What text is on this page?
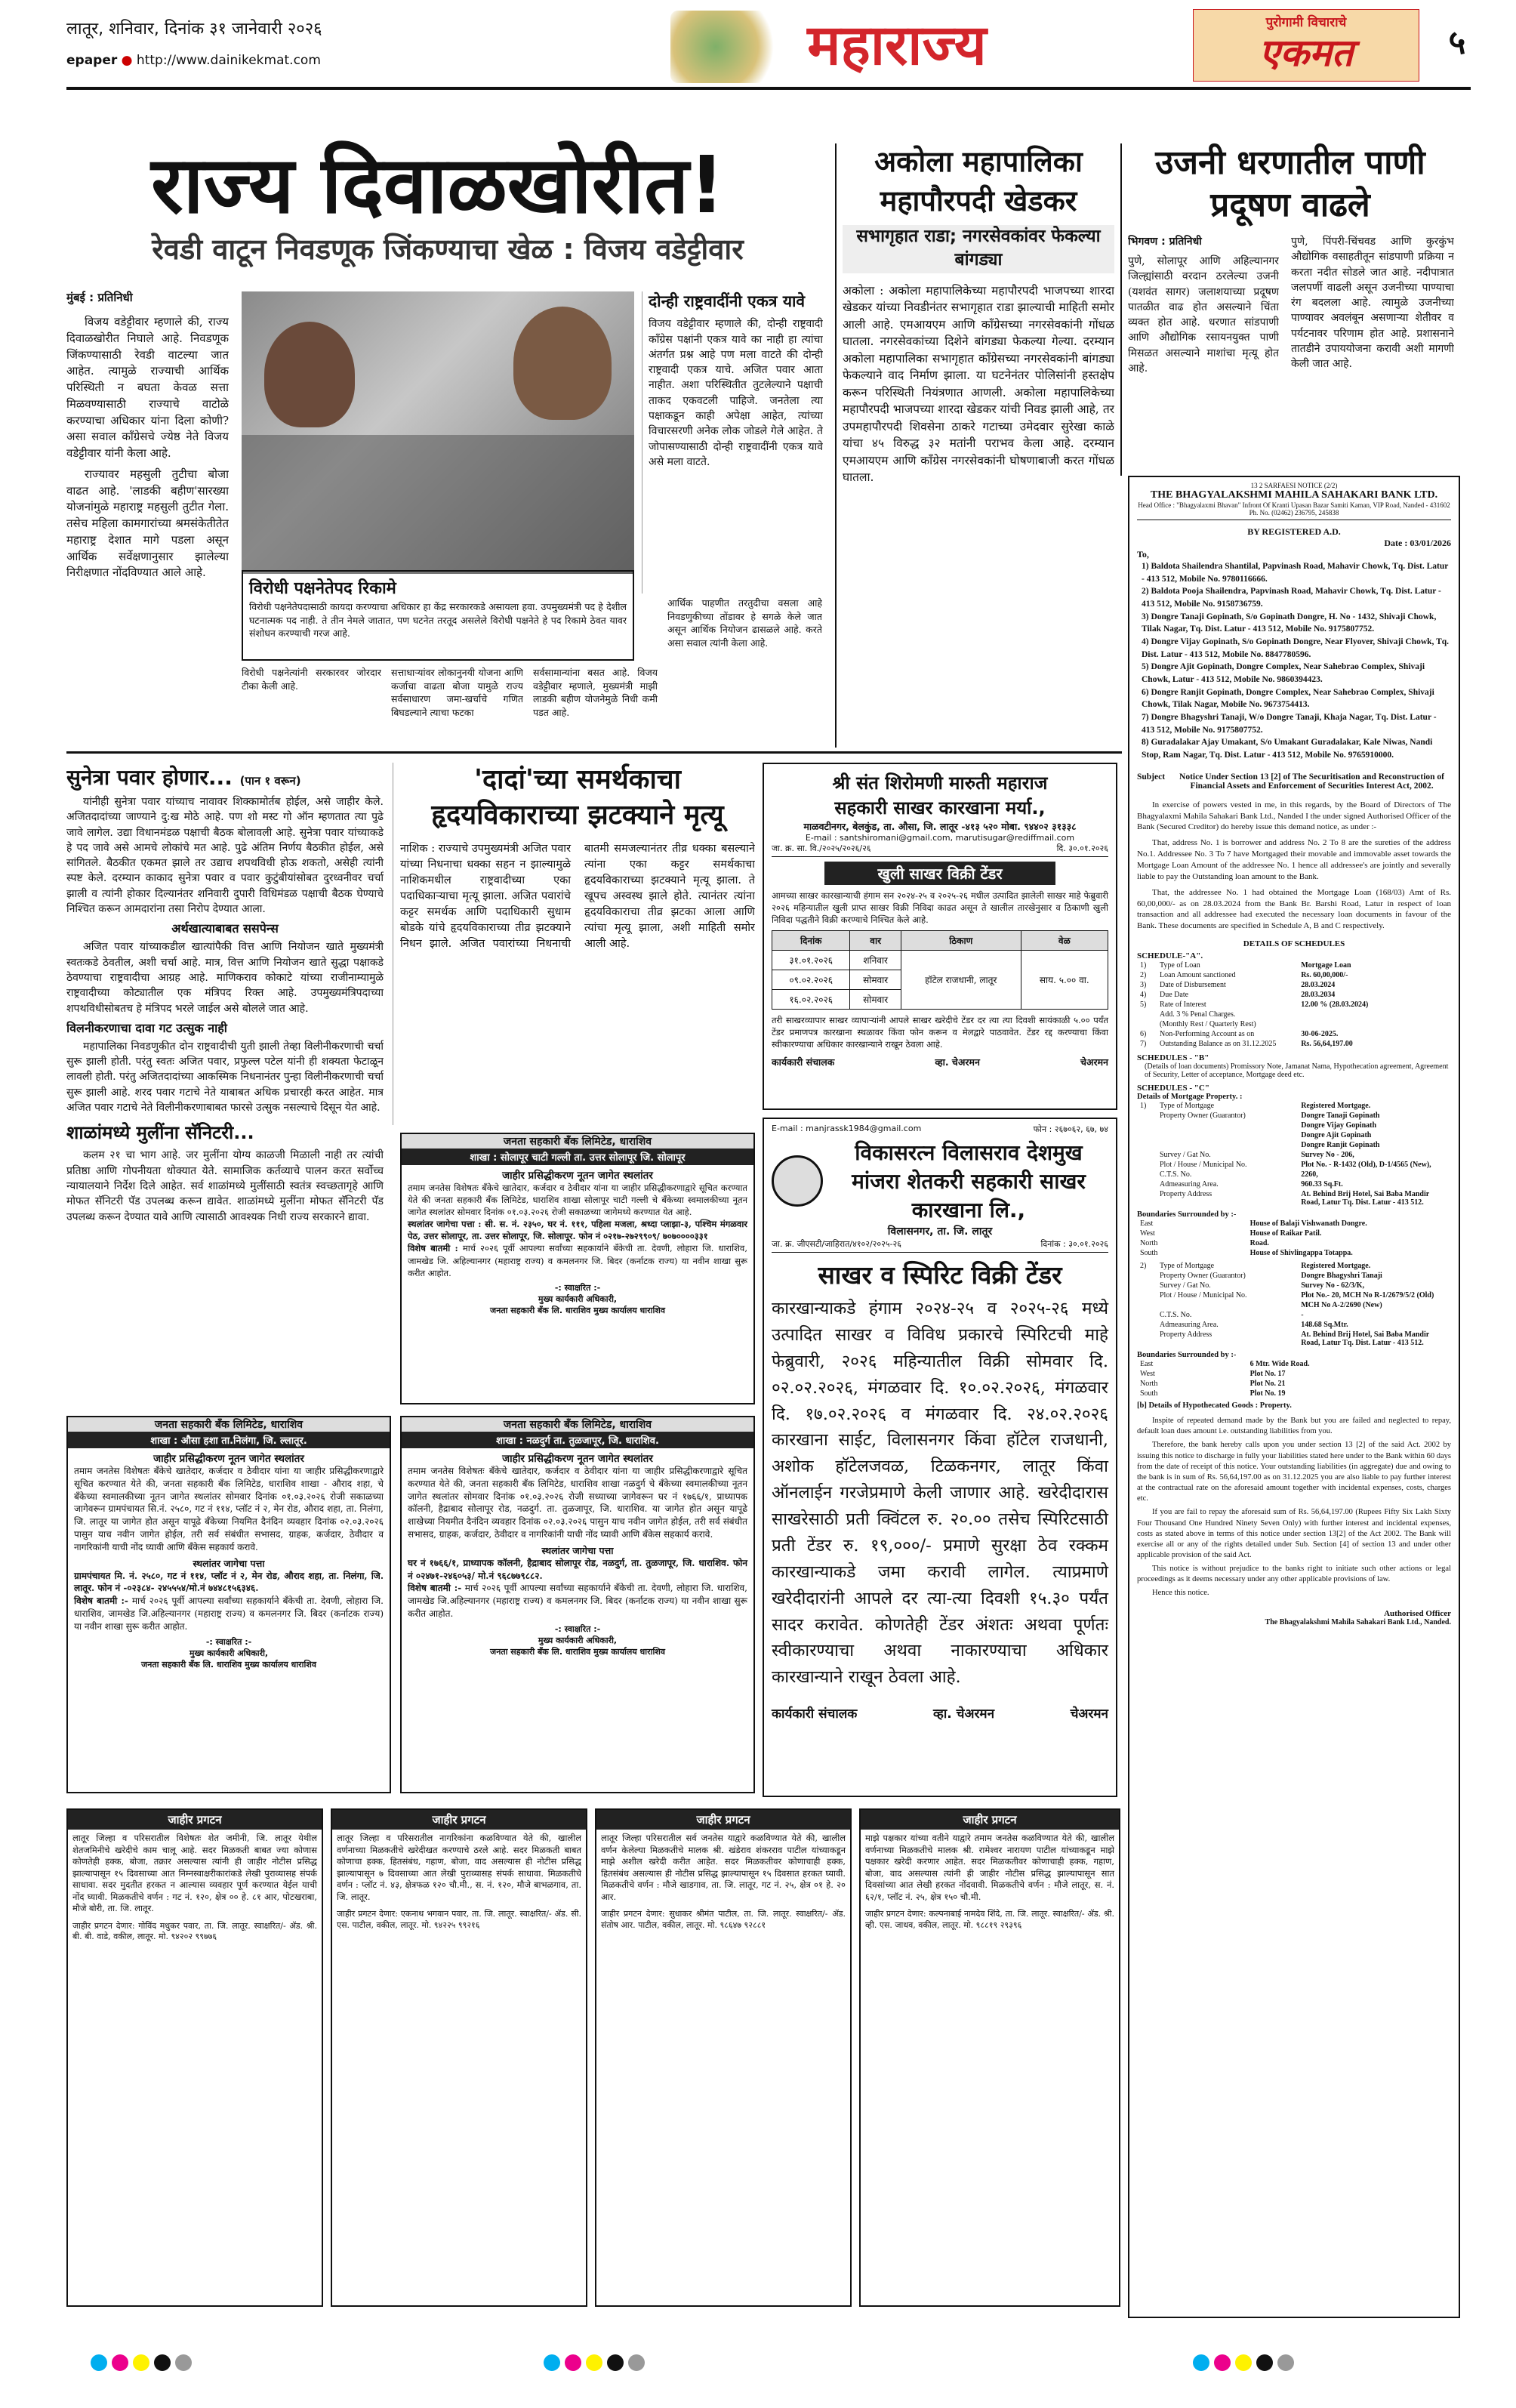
लातूर, शनिवार, दिनांक ३१ जानेवारी २०२६
epaper ● http://www.dainikekmat.com	महाराज्य	पुरोगामी विचाराचे
एकमत	५
राज्य दिवाळखोरीत!
रेवडी वाटून निवडणूक जिंकण्याचा खेळ : विजय वडेट्टीवार
मुंबई : प्रतिनिधी

विजय वडेट्टीवार म्हणाले की, राज्य दिवाळखोरीत निघाले आहे. निवडणूक जिंकण्यासाठी रेवडी वाटल्या जात आहेत. त्यामुळे राज्याची आर्थिक परिस्थिती न बघता केवळ सत्ता मिळवण्यासाठी राज्याचे वाटोळे करण्याचा अधिकार यांना दिला कोणी? असा सवाल काँग्रेसचे ज्येष्ठ नेते विजय वडेट्टीवार यांनी केला आहे.

राज्यावर महसुली तुटीचा बोजा वाढत आहे. 'लाडकी बहीण'सारख्या योजनांमुळे महाराष्ट्र महसुली तुटीत गेला. तसेच महिला कामगारांच्या श्रमसंकेतीतेत महाराष्ट्र देशात मागे पडला असून आर्थिक सर्वेक्षणानुसार झालेल्या निरीक्षणात नोंदविण्यात आले आहे.

विरोधी पक्षनेतेपद रिकामे
विरोधी पक्षनेतेपदासाठी कायदा करण्याचा अधिकार हा केंद्र सरकारकडे असायला हवा. उपमुख्यमंत्री पद हे देशील घटनात्मक पद नाही. ते तीन नेमले जातात, पण घटनेत तरतूद असलेले विरोधी पक्षनेते हे पद रिकामे ठेवत यावर संशोधन करण्याची गरज आहे.
दोन्ही राष्ट्रवादींनी एकत्र यावे
विजय वडेट्टीवार म्हणाले की, दोन्ही राष्ट्रवादी काँग्रेस पक्षांनी एकत्र यावे का नाही हा त्यांचा अंतर्गत प्रश्न आहे पण मला वाटते की दोन्ही राष्ट्रवादी एकत्र याचे. अजित पवार आता नाहीत. अशा परिस्थितीत तुटलेल्याने पक्षाची ताकद एकवटली पाहिजे. जनतेला त्या पक्षाकडून काही अपेक्षा आहेत, त्यांच्या विचारसरणी अनेक लोक जोडले गेले आहेत. ते जोपासण्यासाठी दोन्ही राष्ट्रवादींनी एकत्र यावे असे मला वाटते.
विरोधी पक्षनेत्यांनी सरकारवर जोरदार टीका केली आहे.
सत्ताधाऱ्यांवर लोकानुनयी योजना आणि कर्जाचा वाढता बोजा यामुळे राज्य सर्वसाधारण जमा-खर्चाचे गणित बिघडल्याने त्याचा फटका
सर्वसामान्यांना बसत आहे. विजय वडेट्टीवार म्हणाले, मुख्यमंत्री माझी लाडकी बहीण योजनेमुळे निधी कमी पडत आहे.
आर्थिक पाहणीत तरतुदीचा वसला आहे निवडणुकीच्या तोंडावर हे सगळे केले जात असून आर्थिक नियोजन ढासळले आहे. करते असा सवाल त्यांनी केला आहे.
अकोला महापालिका महापौरपदी खेडकर
सभागृहात राडा; नगरसेवकांवर फेकल्या बांगड्या
अकोला : अकोला महापालिकेच्या महापौरपदी भाजपच्या शारदा खेडकर यांच्या निवडीनंतर सभागृहात राडा झाल्याची माहिती समोर आली आहे. एमआयएम आणि काँग्रेसच्या नगरसेवकांनी गोंधळ घातला. नगरसेवकांच्या दिशेने बांगड्या फेकल्या गेल्या. दरम्यान अकोला महापालिका सभागृहात काँग्रेसच्या नगरसेवकांनी बांगड्या फेकल्याने वाद निर्माण झाला. या घटनेनंतर पोलिसांनी हस्तक्षेप करून परिस्थिती नियंत्रणात आणली. अकोला महापालिकेच्या महापौरपदी भाजपच्या शारदा खेडकर यांची निवड झाली आहे, तर उपमहापौरपदी शिवसेना ठाकरे गटाच्या उमेदवार सुरेखा काळे यांचा ४५ विरुद्ध ३२ मतांनी पराभव केला आहे. दरम्यान एमआयएम आणि काँग्रेस नगरसेवकांनी घोषणाबाजी करत गोंधळ घातला.
उजनी धरणातील पाणी प्रदूषण वाढले
भिगवण : प्रतिनिधी
पुणे, सोलापूर आणि अहिल्यानगर जिल्ह्यांसाठी वरदान ठरलेल्या उजनी (यशवंत सागर) जलाशयाच्या प्रदूषण पातळीत वाढ होत असल्याने चिंता व्यक्त होत आहे. धरणात सांडपाणी आणि औद्योगिक रसायनयुक्त पाणी मिसळत असल्याने माशांचा मृत्यू होत आहे.
पुणे, पिंपरी-चिंचवड आणि कुरकुंभ औद्योगिक वसाहतीतून सांडपाणी प्रक्रिया न करता नदीत सोडले जात आहे. नदीपात्रात जलपर्णी वाढली असून उजनीच्या पाण्याचा रंग बदलला आहे. त्यामुळे उजनीच्या पाण्यावर अवलंबून असणाऱ्या शेतीवर व पर्यटनावर परिणाम होत आहे. प्रशासनाने तातडीने उपाययोजना करावी अशी मागणी केली जात आहे.
13 2 SARFAESI NOTICE (2/2)
THE BHAGYALAKSHMI MAHILA SAHAKARI BANK LTD.
Head Office : "Bhagyalaxmi Bhavan" Infront Of Kranti Upasan Bazar Samiti Kaman, VIP Road, Nanded - 431602 Ph. No. (02462) 236795, 245838
BY REGISTERED A.D.
Date : 03/01/2026
To,
1) Baldota Shailendra Shantilal, Papvinash Road, Mahavir Chowk, Tq. Dist. Latur - 413 512, Mobile No. 9780116666.
2) Baldota Pooja Shailendra, Papvinash Road, Mahavir Chowk, Tq. Dist. Latur - 413 512, Mobile No. 9158736759.
3) Dongre Tanaji Gopinath, S/o Gopinath Dongre, H. No - 1432, Shivaji Chowk, Tilak Nagar, Tq. Dist. Latur - 413 512, Mobile No. 9175807752.
4) Dongre Vijay Gopinath, S/o Gopinath Dongre, Near Flyover, Shivaji Chowk, Tq. Dist. Latur - 413 512, Mobile No. 8847780596.
5) Dongre Ajit Gopinath, Dongre Complex, Near Sahebrao Complex, Shivaji Chowk, Latur - 413 512, Mobile No. 9860394423.
6) Dongre Ranjit Gopinath, Dongre Complex, Near Sahebrao Complex, Shivaji Chowk, Tilak Nagar, Mobile No. 9673754413.
7) Dongre Bhagyshri Tanaji, W/o Dongre Tanaji, Khaja Nagar, Tq. Dist. Latur - 413 512, Mobile No. 9175807752.
8) Guradalakar Ajay Umakant, S/o Umakant Guradalakar, Kale Niwas, Nandi Stop, Ram Nagar, Tq. Dist. Latur - 413 512, Mobile No. 9765910000.
Subject	Notice Under Section 13 [2] of The Securitisation and Reconstruction of Financial Assets and Enforcement of Securities Interest Act, 2002.

In exercise of powers vested in me, in this regards, by the Board of Directors of The Bhagyalaxmi Mahila Sahakari Bank Ltd., Nanded I the under signed Authorised Officer of the Bank (Secured Creditor) do hereby issue this demand notice, as under :-

That, address No. 1 is borrower and address No. 2 To 8 are the sureties of the address No.1. Addressee No. 3 To 7 have Mortgaged their movable and immovable asset towards the Mortgage Loan Amount of the addressee No. 1 hence all addressee's are jointly and severally liable to pay the Outstanding loan amount to the Bank.

That, the addressee No. 1 had obtained the Mortgage Loan (168/03) Amt of Rs. 60,00,000/- as on 28.03.2024 from the Bank Br. Barshi Road, Latur in respect of loan transaction and all addressee had executed the necessary loan documents in favour of the Bank. These documents are specified in Schedule A, B and C respectively.

DETAILS OF SCHEDULES
SCHEDULE-"A".
1)	Type of Loan	Mortgage Loan
2)	Loan Amount sanctioned	Rs. 60,00,000/-
3)	Date of Disbursement	28.03.2024
4)	Due Date	28.03.2034
5)	Rate of Interest	12.00 % (28.03.2024)
	Add. 3 % Penal Charges.	
	(Monthly Rest / Quarterly Rest)	
6)	Non-Performing Account as on	30-06-2025.
7)	Outstanding Balance as on 31.12.2025	Rs. 56,64,197.00
SCHEDULES - "B"
(Details of loan documents) Promissory Note, Jamanat Nama, Hypothecation agreement, Agreement of Security, Letter of acceptance, Mortgage deed etc.
SCHEDULES - "C"
Details of Mortgage Property. :
1)	Type of Mortgage	Registered Mortgage.
	Property Owner (Guarantor)	Dongre Tanaji Gopinath
		Dongre Vijay Gopinath
		Dongre Ajit Gopinath
		Dongre Ranjit Gopinath
	Survey / Gat No.	Survey No - 206,
	Plot / House / Municipal No.	Plot No. - R-1432 (Old), D-1/4565 (New),
	C.T.S. No.	2260,
	Admeasuring Area.	960.33 Sq.Ft.
	Property Address	At. Behind Brij Hotel, Sai Baba Mandir Road, Latur Tq. Dist. Latur - 413 512.
Boundaries Surrounded by :-
East	House of Balaji Vishwanath Dongre.
West	House of Raikar Patil.
North	Road.
South	House of Shivlingappa Totappa.
2)	Type of Mortgage	Registered Mortgage.
	Property Owner (Guarantor)	Dongre Bhagyshri Tanaji
	Survey / Gat No.	Survey No - 62/3/K,
	Plot / House / Municipal No.	Plot No.- 20, MCH No R-1/2679/5/2 (Old)
		MCH No A-2/2690 (New)
	C.T.S. No.	-
	Admeasuring Area.	148.68 Sq.Mtr.
	Property Address	At. Behind Brij Hotel, Sai Baba Mandir Road, Latur Tq. Dist. Latur - 413 512.
Boundaries Surrounded by :-
East	6 Mtr. Wide Road.
West	Plot No. 17
North	Plot No. 21
South	Plot No. 19
[b] Details of Hypothecated Goods : Property.

Inspite of repeated demand made by the Bank but you are failed and neglected to repay, default loan dues amount i.e. outstanding liabilities from you.

Therefore, the bank hereby calls upon you under section 13 [2] of the said Act. 2002 by issuing this notice to discharge in fully your liabilities stated here under to the Bank within 60 days from the date of receipt of this notice. Your outstanding liabilities (in aggregate) due and owing to the bank is in sum of Rs. 56,64,197.00 as on 31.12.2025 you are also liable to pay further interest at the contractual rate on the aforesaid amount together with incidental expenses, costs, charges etc.

If you are fail to repay the aforesaid sum of Rs. 56,64,197.00 (Rupees Fifty Six Lakh Sixty Four Thousand One Hundred Ninety Seven Only) with further interest and incidental expenses, costs as stated above in terms of this notice under section 13[2] of the Act 2002. The Bank will exercise all or any of the rights detailed under Sub. Section [4] of section 13 and under other applicable provision of the said Act.

This notice is without prejudice to the banks right to initiate such other actions or legal proceedings as it deems necessary under any other applicable provisions of law.

Hence this notice.
Authorised Officer
The Bhagyalakshmi Mahila Sahakari Bank Ltd., Nanded.
सुनेत्रा पवार होणार... (पान १ वरून)
यांनीही सुनेत्रा पवार यांच्याच नावावर शिक्कामोर्तब होईल, असे जाहीर केले. अजितदादांच्या जाण्याने दु:ख मोठे आहे. पण शो मस्ट गो ऑन म्हणतात त्या पुढे जावे लागेल. उद्या विधानमंडळ पक्षाची बैठक बोलावली आहे. सुनेत्रा पवार यांच्याकडे हे पद जावे असे आमचे लोकांचे मत आहे. पुढे अंतिम निर्णय बैठकीत होईल, असे सांगितले. बैठकीत एकमत झाले तर उद्याच शपथविधी होऊ शकतो, असेही त्यांनी स्पष्ट केले. दरम्यान काकाद सुनेत्रा पवार व पवार कुटुंबीयांसोबत दुरध्वनीवर चर्चा झाली व त्यांनी होकार दिल्यानंतर शनिवारी दुपारी विधिमंडळ पक्षाची बैठक घेण्याचे निश्चित करून आमदारांना तसा निरोप देण्यात आला.
अर्थखात्याबाबत ससपेन्स
अजित पवार यांच्याकडील खात्यांपैकी वित्त आणि नियोजन खाते मुख्यमंत्री स्वतःकडे ठेवतील, अशी चर्चा आहे. मात्र, वित्त आणि नियोजन खाते सुद्धा पक्षाकडे ठेवण्याचा राष्ट्रवादीचा आग्रह आहे. माणिकराव कोकाटे यांच्या राजीनाम्यामुळे राष्ट्रवादीच्या कोट्यातील एक मंत्रिपद रिक्त आहे. उपमुख्यमंत्रिपदाच्या शपथविधीसोबतच हे मंत्रिपद भरले जाईल असे बोलले जात आहे.
विलनीकरणाचा दावा गट उत्सुक नाही
महापालिका निवडणुकीत दोन राष्ट्रवादीची युती झाली तेव्हा विलीनीकरणाची चर्चा सुरू झाली होती. परंतु स्वतः अजित पवार, प्रफुल्ल पटेल यांनी ही शक्यता फेटाळून लावली होती. परंतु अजितदादांच्या आकस्मिक निधनानंतर पुन्हा विलीनीकरणाची चर्चा सुरू झाली आहे. शरद पवार गटाचे नेते याबाबत अधिक प्रचारही करत आहेत. मात्र अजित पवार गटाचे नेते विलीनीकरणाबाबत फारसे उत्सुक नसल्याचे दिसून येत आहे.
शाळांमध्ये मुलींना सॅनिटरी...
कलम २१ चा भाग आहे. जर मुलींना योग्य काळजी मिळाली नाही तर त्यांची प्रतिष्ठा आणि गोपनीयता धोक्यात येते. सामाजिक कर्तव्याचे पालन करत सर्वोच्च न्यायालयाने निर्देश दिले आहेत. सर्व शाळांमध्ये मुलींसाठी स्वतंत्र स्वच्छतागृहे आणि मोफत सॅनिटरी पॅड उपलब्ध करून द्यावेत. शाळांमध्ये मुलींना मोफत सॅनिटरी पॅड उपलब्ध करून देण्यात यावे आणि त्यासाठी आवश्यक निधी राज्य सरकारने द्यावा.
'दादां'च्या समर्थकाचा
हृदयविकाराच्या झटक्याने मृत्यू
नाशिक : राज्याचे उपमुख्यमंत्री अजित पवार यांच्या निधनाचा धक्का सहन न झाल्यामुळे नाशिकमधील राष्ट्रवादीच्या एका पदाधिकाऱ्याचा मृत्यू झाला. अजित पवारांचे कट्टर समर्थक आणि पदाधिकारी सुधाम बोडके यांचे हृदयविकाराच्या तीव्र झटक्याने निधन झाले. अजित पवारांच्या निधनाची बातमी समजल्यानंतर तीव्र धक्का बसल्याने त्यांना एका कट्टर समर्थकाचा हृदयविकाराच्या झटक्याने मृत्यू झाला. ते खूपच अस्वस्थ झाले होते. त्यानंतर त्यांना हृदयविकाराचा तीव्र झटका आला आणि त्यांचा मृत्यू झाला, अशी माहिती समोर आली आहे.
श्री संत शिरोमणी मारुती महाराज
सहकारी साखर कारखाना मर्या.,
माळवटीनगर, बेलकुंड, ता. औसा, जि. लातूर -४१३ ५२० मोबा. ९४४०२ ३१३३८
E-mail : santshiromani@gmail.com, marutisugar@rediffmail.com
जा. क्र. सा. वि./२०२५/२०२६/२६	दि. ३०.०१.२०२६
खुली साखर विक्री टेंडर
आमच्या साखर कारखान्याची हंगाम सन २०२४-२५ व २०२५-२६ मधील उत्पादित झालेली साखर माहे फेब्रुवारी २०२६ महिन्यातील खुली प्राप्त साखर विक्री निविदा काढत असून ते खालील तारखेनुसार व ठिकाणी खुली निविदा पद्धतीने विक्री करण्याचे निश्चित केले आहे.
दिनांक	वार	ठिकाण	वेळ
३१.०१.२०२६	शनिवार	हॉटेल राजधानी, लातूर	साय. ५.०० वा.
०९.०२.२०२६	सोमवार		
१६.०२.२०२६	सोमवार		
तरी साखरव्यापार साखर व्यापाऱ्यांनी आपले साखर खरेदीचे टेंडर दर त्या त्या दिवशी सायंकाळी ५.०० पर्यंत टेंडर प्रमाणपत्र कारखाना स्थळावर किंवा फोन करून व मेलद्वारे पाठवावेत. टेंडर रद्द करण्याचा किंवा स्वीकारण्याचा अधिकार कारखान्याने राखून ठेवला आहे.
कार्यकारी संचालक	व्हा. चेअरमन	चेअरमन
जनता सहकारी बँक लिमिटेड, धाराशिव
शाखा : सोलापूर चाटी गल्ली ता. उत्तर सोलापूर जि. सोलापूर
जाहीर प्रसिद्धीकरण नूतन जागेत स्थलांतर
तमाम जनतेस विशेषतः बँकेचे खातेदार, कर्जदार व ठेवीदार यांना या जाहीर प्रसिद्धीकरणाद्वारे सूचित करण्यात येते की जनता सहकारी बँक लिमिटेड, धाराशिव शाखा सोलापूर चाटी गल्ली चे बँकेच्या स्वमालकीच्या नूतन जागेत स्थलांतर सोमवार दिनांक ०१.०३.२०२६ रोजी सकाळच्या जागेमध्ये करण्यात येत आहे.
स्थलांतर जागेचा पत्ता : सी. स. नं. २३५०, घर नं. १११, पहिला मजला, श्रध्दा प्लाझा-३, पश्चिम मंगळवार पेठ, उत्तर सोलापूर, ता. उत्तर सोलापूर, जि. सोलापूर. फोन नं ०२१७-२७२९९०९/ ७०७००००३३१
विशेष बातमी : मार्च २०२६ पूर्वी आपल्या सर्वांच्या सहकार्याने बँकेची ता. देवणी, लोहारा जि. धाराशिव, जामखेड जि. अहिल्यानगर (महाराष्ट्र राज्य) व कमलनगर जि. बिदर (कर्नाटक राज्य) या नवीन शाखा सुरू करीत आहोत.
-: स्वाक्षरित :-
मुख्य कार्यकारी अधिकारी,
जनता सहकारी बँक लि. धाराशिव मुख्य कार्यालय धाराशिव
E-mail : manjrassk1984@gmail.com	फोन : २६७०६२, ६७, ७४
विकासरत्न विलासराव देशमुख
मांजरा शेतकरी सहकारी साखर
कारखाना लि.,
विलासनगर, ता. जि. लातूर
जा. क्र. जीएसटी/जाहिरात/४१०२/२०२५-२६	दिनांक : ३०.०१.२०२६
साखर व स्पिरिट विक्री टेंडर
कारखान्याकडे हंगाम २०२४-२५ व २०२५-२६ मध्ये उत्पादित साखर व विविध प्रकारचे स्पिरिटची माहे फेब्रुवारी, २०२६ महिन्यातील विक्री सोमवार दि. ०२.०२.२०२६, मंगळवार दि. १०.०२.२०२६, मंगळवार दि. १७.०२.२०२६ व मंगळवार दि. २४.०२.२०२६ कारखाना साईट, विलासनगर किंवा हॉटेल राजधानी, अशोक हॉटेलजवळ, टिळकनगर, लातूर किंवा ऑनलाईन गरजेप्रमाणे केली जाणार आहे. खरेदीदारास साखरेसाठी प्रती क्विंटल रु. २०.०० तसेच स्पिरिटसाठी प्रती टेंडर रु. १९,०००/- प्रमाणे सुरक्षा ठेव रक्कम कारखान्याकडे जमा करावी लागेल. त्याप्रमाणे खरेदीदारांनी आपले दर त्या-त्या दिवशी १५.३० पर्यंत सादर करावेत. कोणतेही टेंडर अंशतः अथवा पूर्णतः स्वीकारण्याचा अथवा नाकारण्याचा अधिकार कारखान्याने राखून ठेवला आहे.
कार्यकारी संचालक	व्हा. चेअरमन	चेअरमन
जनता सहकारी बँक लिमिटेड, धाराशिव
शाखा : औसा हशा ता.निलंगा, जि. ल्लातूर.
जाहीर प्रसिद्धीकरण नूतन जागेत स्थलांतर
तमाम जनतेस विशेषतः बँकेचे खातेदार, कर्जदार व ठेवीदार यांना या जाहीर प्रसिद्धीकरणाद्वारे सूचित करण्यात येते की, जनता सहकारी बँक लिमिटेड, धाराशिव शाखा - औराद शहा, चे बँकेच्या स्वमालकीच्या नूतन जागेत स्थलांतर सोमवार दिनांक ०१.०३.२०२६ रोजी सकाळच्या जागेवरून ग्रामपंचायत सि.नं. २५८०, गट नं ११४, प्लॉट नं २, मेन रोड, औराद शहा, ता. निलंगा, जि. लातूर या जागेत होत असून यापूढे बँकेच्या नियमित दैनंदिन व्यवहार दिनांक ०२.०३.२०२६ पासुन याच नवीन जागेत होईल, तरी सर्व संबंधीत सभासद, ग्राहक, कर्जदार, ठेवीदार व नागरिकांनी याची नोंद घ्यावी आणि बँकेस सहकार्य करावे.
स्थलांतर जागेचा पत्ता
ग्रामपंचायत मि. नं. २५८०, गट नं ११४, प्लॉट नं २, मेन रोड, औराद शहा, ता. निलंगा, जि. लातूर. फोन नं -०२३८४- २४५५५४/मो.नं ७४४८१५६३४६.
विशेष बातमी :- मार्च २०२६ पूर्वी आपल्या सर्वांच्या सहकार्याने बँकेची ता. देवणी, लोहारा जि. धाराशिव, जामखेड जि.अहिल्यानगर (महाराष्ट्र राज्य) व कमलनगर जि. बिदर (कर्नाटक राज्य) या नवीन शाखा सुरू करीत आहोत.
-: स्वाक्षरित :-
मुख्य कार्यकारी अधिकारी,
जनता सहकारी बँक लि. धाराशिव मुख्य कार्यालय धाराशिव
जनता सहकारी बँक लिमिटेड, धाराशिव
शाखा : नळदुर्ग ता. तुळजापूर, जि. धाराशिव.
जाहीर प्रसिद्धीकरण नूतन जागेत स्थलांतर
तमाम जनतेस विशेषतः बँकेचे खातेदार, कर्जदार व ठेवीदार यांना या जाहीर प्रसिद्धीकरणाद्वारे सूचित करण्यात येते की, जनता सहकारी बँक लिमिटेड, धाराशिव शाखा नळदुर्ग चे बँकेच्या स्वमालकीच्या नूतन जागेत स्थलांतर सोमवार दिनांक ०१.०३.२०२६ रोजी सध्याच्या जागेवरून घर नं १७६६/१, प्राध्यापक कॉलनी, हैद्राबाद सोलापूर रोड, नळदुर्ग. ता. तुळजापूर, जि. धाराशिव. या जागेत होत असून यापूढे शाखेच्या नियमीत दैनंदिन व्यवहार दिनांक ०२.०३.२०२६ पासुन याच नवीन जागेत होईल, तरी सर्व संबंधीत सभासद, ग्राहक, कर्जदार, ठेवीदार व नागरिकांनी याची नोंद घ्यावी आणि बँकेस सहकार्य करावे.
स्थलांतर जागेचा पत्ता
घर नं १७६६/१, प्राध्यापक कॉलनी, हैद्राबाद सोलापूर रोड, नळदुर्ग, ता. तुळजापूर, जि. धाराशिव. फोन नं ०२४७१-२४६०५३/ मो.नं ९६८७७९८८२.
विशेष बातमी :- मार्च २०२६ पूर्वी आपल्या सर्वांच्या सहकार्याने बँकेची ता. देवणी, लोहारा जि. धाराशिव, जामखेड जि.अहिल्यानगर (महाराष्ट्र राज्य) व कमलनगर जि. बिदर (कर्नाटक राज्य) या नवीन शाखा सुरू करीत आहोत.
-: स्वाक्षरित :-
मुख्य कार्यकारी अधिकारी,
जनता सहकारी बँक लि. धाराशिव मुख्य कार्यालय धाराशिव
जाहीर प्रगटन
लातूर जिल्हा व परिसरातील विशेषतः शेत जमीनी, जि. लातूर येथील शेतजमिनीचे खरेदीचे काम चालू आहे. सदर मिळकती बाबत ज्या कोणास कोणतेही हक्क, बोजा, तक्रार असल्यास त्यांनी ही जाहीर नोटीस प्रसिद्ध झाल्यापासून १५ दिवसाच्या आत निम्नस्वाक्षरीकारांकडे लेखी पुराव्यासह संपर्क साधावा. सदर मुदतीत हरकत न आल्यास व्यवहार पूर्ण करण्यात येईल याची नोंद घ्यावी. मिळकतीचे वर्णन : गट नं. १२०, क्षेत्र ०० हे. ८१ आर, पोटखराबा, मौजे बोरी, ता. जि. लातूर.
जाहीर प्रगटन देणार: गोविंद मधुकर पवार, ता. जि. लातूर. स्वाक्षरित/- ॲड. श्री. बी. बी. वाडे, वकील, लातूर. मो. ९४२०२ ९९७७६
जाहीर प्रगटन
लातूर जिल्हा व परिसरातील नागरिकांना कळविण्यात येते की, खालील वर्णनाच्या मिळकतीचे खरेदीखत करण्याचे ठरले आहे. सदर मिळकती बाबत कोणाचा हक्क, हितसंबंध, गहाण, बोजा, वाद असल्यास ही नोटीस प्रसिद्ध झाल्यापासून ७ दिवसाच्या आत लेखी पुराव्यासह संपर्क साधावा. मिळकतीचे वर्णन : प्लॉट नं. ४३, क्षेत्रफळ १२० चौ.मी., स. नं. १२०, मौजे बाभळगाव, ता. जि. लातूर.
जाहीर प्रगटन देणार: एकनाथ भगवान पवार, ता. जि. लातूर. स्वाक्षरित/- ॲड. सी. एस. पाटील, वकील, लातूर. मो. ९४२२५ ९९२१६
जाहीर प्रगटन
लातूर जिल्हा परिसरातील सर्व जनतेस याद्वारे कळविण्यात येते की, खालील वर्णन केलेल्या मिळकतीचे मालक श्री. खंडेराव शंकरराव पाटील यांच्याकडून माझे अशील खरेदी करीत आहेत. सदर मिळकतीवर कोणाचाही हक्क, हितसंबंध असल्यास ही नोटीस प्रसिद्ध झाल्यापासून १५ दिवसात हरकत घ्यावी. मिळकतीचे वर्णन : मौजे खाडगाव, ता. जि. लातूर, गट नं. २५, क्षेत्र ०१ हे. २० आर.
जाहीर प्रगटन देणार: सुधाकर श्रीमंत पाटील, ता. जि. लातूर. स्वाक्षरित/- ॲड. संतोष आर. पाटील, वकील, लातूर. मो. ९८६४७ ९२८८१
जाहीर प्रगटन
माझे पक्षकार यांच्या वतीने याद्वारे तमाम जनतेस कळविण्यात येते की, खालील वर्णनाच्या मिळकतीचे मालक श्री. रामेश्वर नारायण पाटील यांच्याकडून माझे पक्षकार खरेदी करणार आहेत. सदर मिळकतीवर कोणाचाही हक्क, गहाण, बोजा, वाद असल्यास त्यांनी ही जाहीर नोटीस प्रसिद्ध झाल्यापासून सात दिवसांच्या आत लेखी हरकत नोंदवावी. मिळकतीचे वर्णन : मौजे लातूर, स. नं. ६२/१, प्लॉट नं. २५, क्षेत्र १५० चौ.मी.
जाहीर प्रगटन देणार: कल्पनाबाई नामदेव शिंदे, ता. जि. लातूर. स्वाक्षरित/- ॲड. श्री. व्ही. एस. जाधव, वकील, लातूर. मो. ९८८१९ २९३९६
